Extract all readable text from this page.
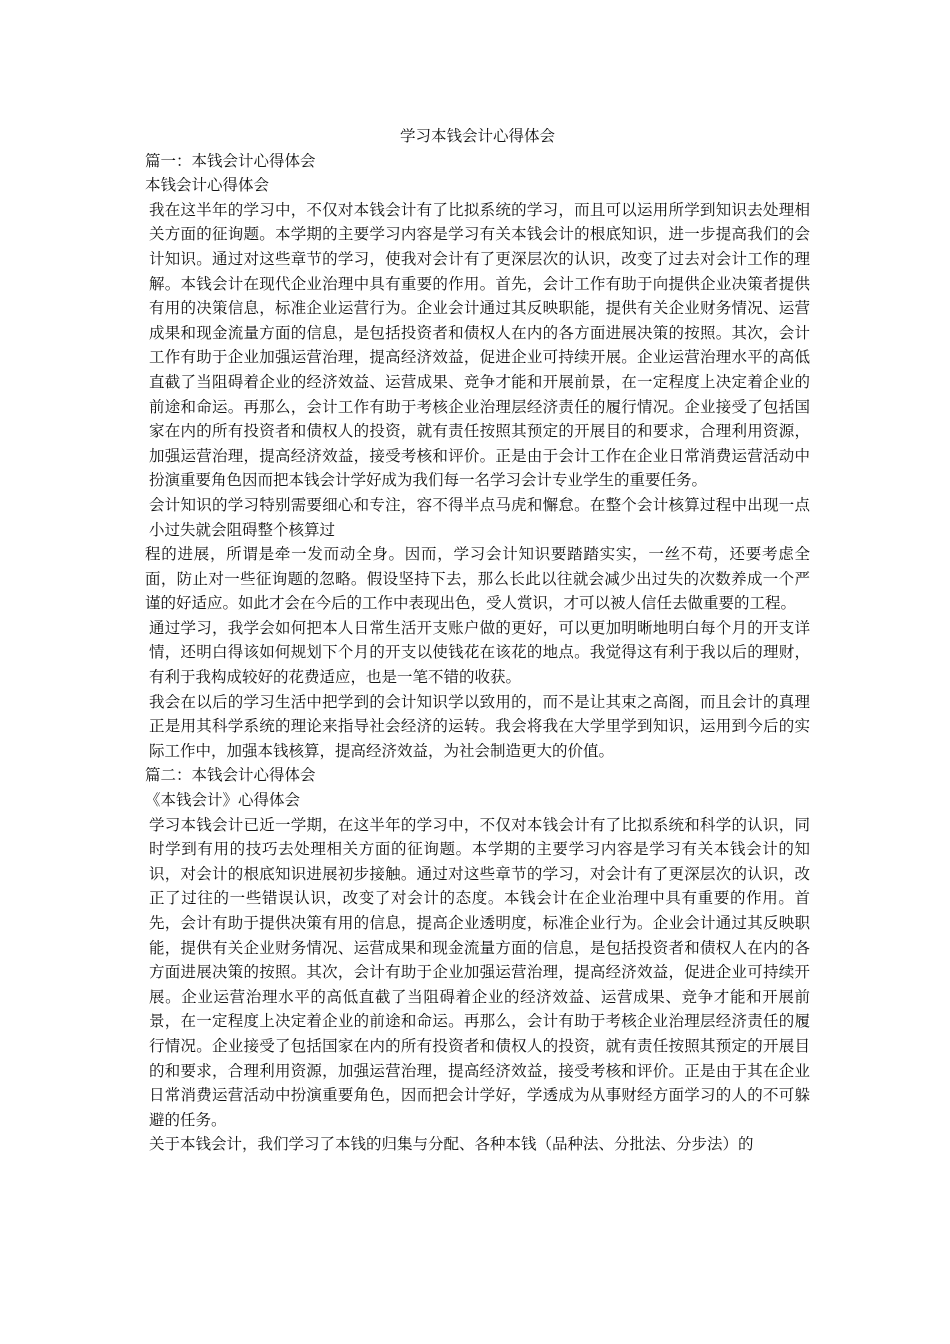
学习本钱会计心得体会
篇一：本钱会计心得体会
本钱会计心得体会

我在这半年的学习中，不仅对本钱会计有了比拟系统的学习，而且可以运用所学到知识去处理相关方面的征询题。本学期的主要学习内容是学习有关本钱会计的根底知识，进一步提高我们的会计知识。通过对这些章节的学习，使我对会计有了更深层次的认识，改变了过去对会计工作的理解。本钱会计在现代企业治理中具有重要的作用。首先，会计工作有助于向提供企业决策者提供有用的决策信息，标准企业运营行为。企业会计通过其反映职能，提供有关企业财务情况、运营成果和现金流量方面的信息，是包括投资者和债权人在内的各方面进展决策的按照。其次，会计工作有助于企业加强运营治理，提高经济效益，促进企业可持续开展。企业运营治理水平的高低直截了当阻碍着企业的经济效益、运营成果、竞争才能和开展前景，在一定程度上决定着企业的前途和命运。再那么，会计工作有助于考核企业治理层经济责任的履行情况。企业接受了包括国家在内的所有投资者和债权人的投资，就有责任按照其预定的开展目的和要求，合理利用资源，加强运营治理，提高经济效益，接受考核和评价。正是由于会计工作在企业日常消费运营活动中扮演重要角色因而把本钱会计学好成为我们每一名学习会计专业学生的重要任务。

会计知识的学习特别需要细心和专注，容不得半点马虎和懈怠。在整个会计核算过程中出现一点小过失就会阻碍整个核算过

程的进展，所谓是牵一发而动全身。因而，学习会计知识要踏踏实实，一丝不苟，还要考虑全面，防止对一些征询题的忽略。假设坚持下去，那么长此以往就会减少出过失的次数养成一个严谨的好适应。如此才会在今后的工作中表现出色，受人赏识，才可以被人信任去做重要的工程。

通过学习，我学会如何把本人日常生活开支账户做的更好，可以更加明晰地明白每个月的开支详情，还明白得该如何规划下个月的开支以使钱花在该花的地点。我觉得这有利于我以后的理财，有利于我构成较好的花费适应，也是一笔不错的收获。

我会在以后的学习生活中把学到的会计知识学以致用的，而不是让其束之高阁，而且会计的真理正是用其科学系统的理论来指导社会经济的运转。我会将我在大学里学到知识，运用到今后的实际工作中，加强本钱核算，提高经济效益，为社会制造更大的价值。

篇二：本钱会计心得体会
《本钱会计》心得体会

学习本钱会计已近一学期，在这半年的学习中，不仅对本钱会计有了比拟系统和科学的认识，同时学到有用的技巧去处理相关方面的征询题。本学期的主要学习内容是学习有关本钱会计的知识，对会计的根底知识进展初步接触。通过对这些章节的学习，对会计有了更深层次的认识，改正了过往的一些错误认识，改变了对会计的态度。本钱会计在企业治理中具有重要的作用。首先，会计有助于提供决策有用的信息，提高企业透明度，标准企业行为。企业会计通过其反映职能，提供有关企业财务情况、运营成果和现金流量方面的信息，是包括投资者和债权人在内的各方面进展决策的按照。其次，会计有助于企业加强运营治理，提高经济效益，促进企业可持续开展。企业运营治理水平的高低直截了当阻碍着企业的经济效益、运营成果、竞争才能和开展前景，在一定程度上决定着企业的前途和命运。再那么，会计有助于考核企业治理层经济责任的履行情况。企业接受了包括国家在内的所有投资者和债权人的投资，就有责任按照其预定的开展目的和要求，合理利用资源，加强运营治理，提高经济效益，接受考核和评价。正是由于其在企业日常消费运营活动中扮演重要角色，因而把会计学好，学透成为从事财经方面学习的人的不可躲避的任务。

关于本钱会计，我们学习了本钱的归集与分配、各种本钱（品种法、分批法、分步法）的
